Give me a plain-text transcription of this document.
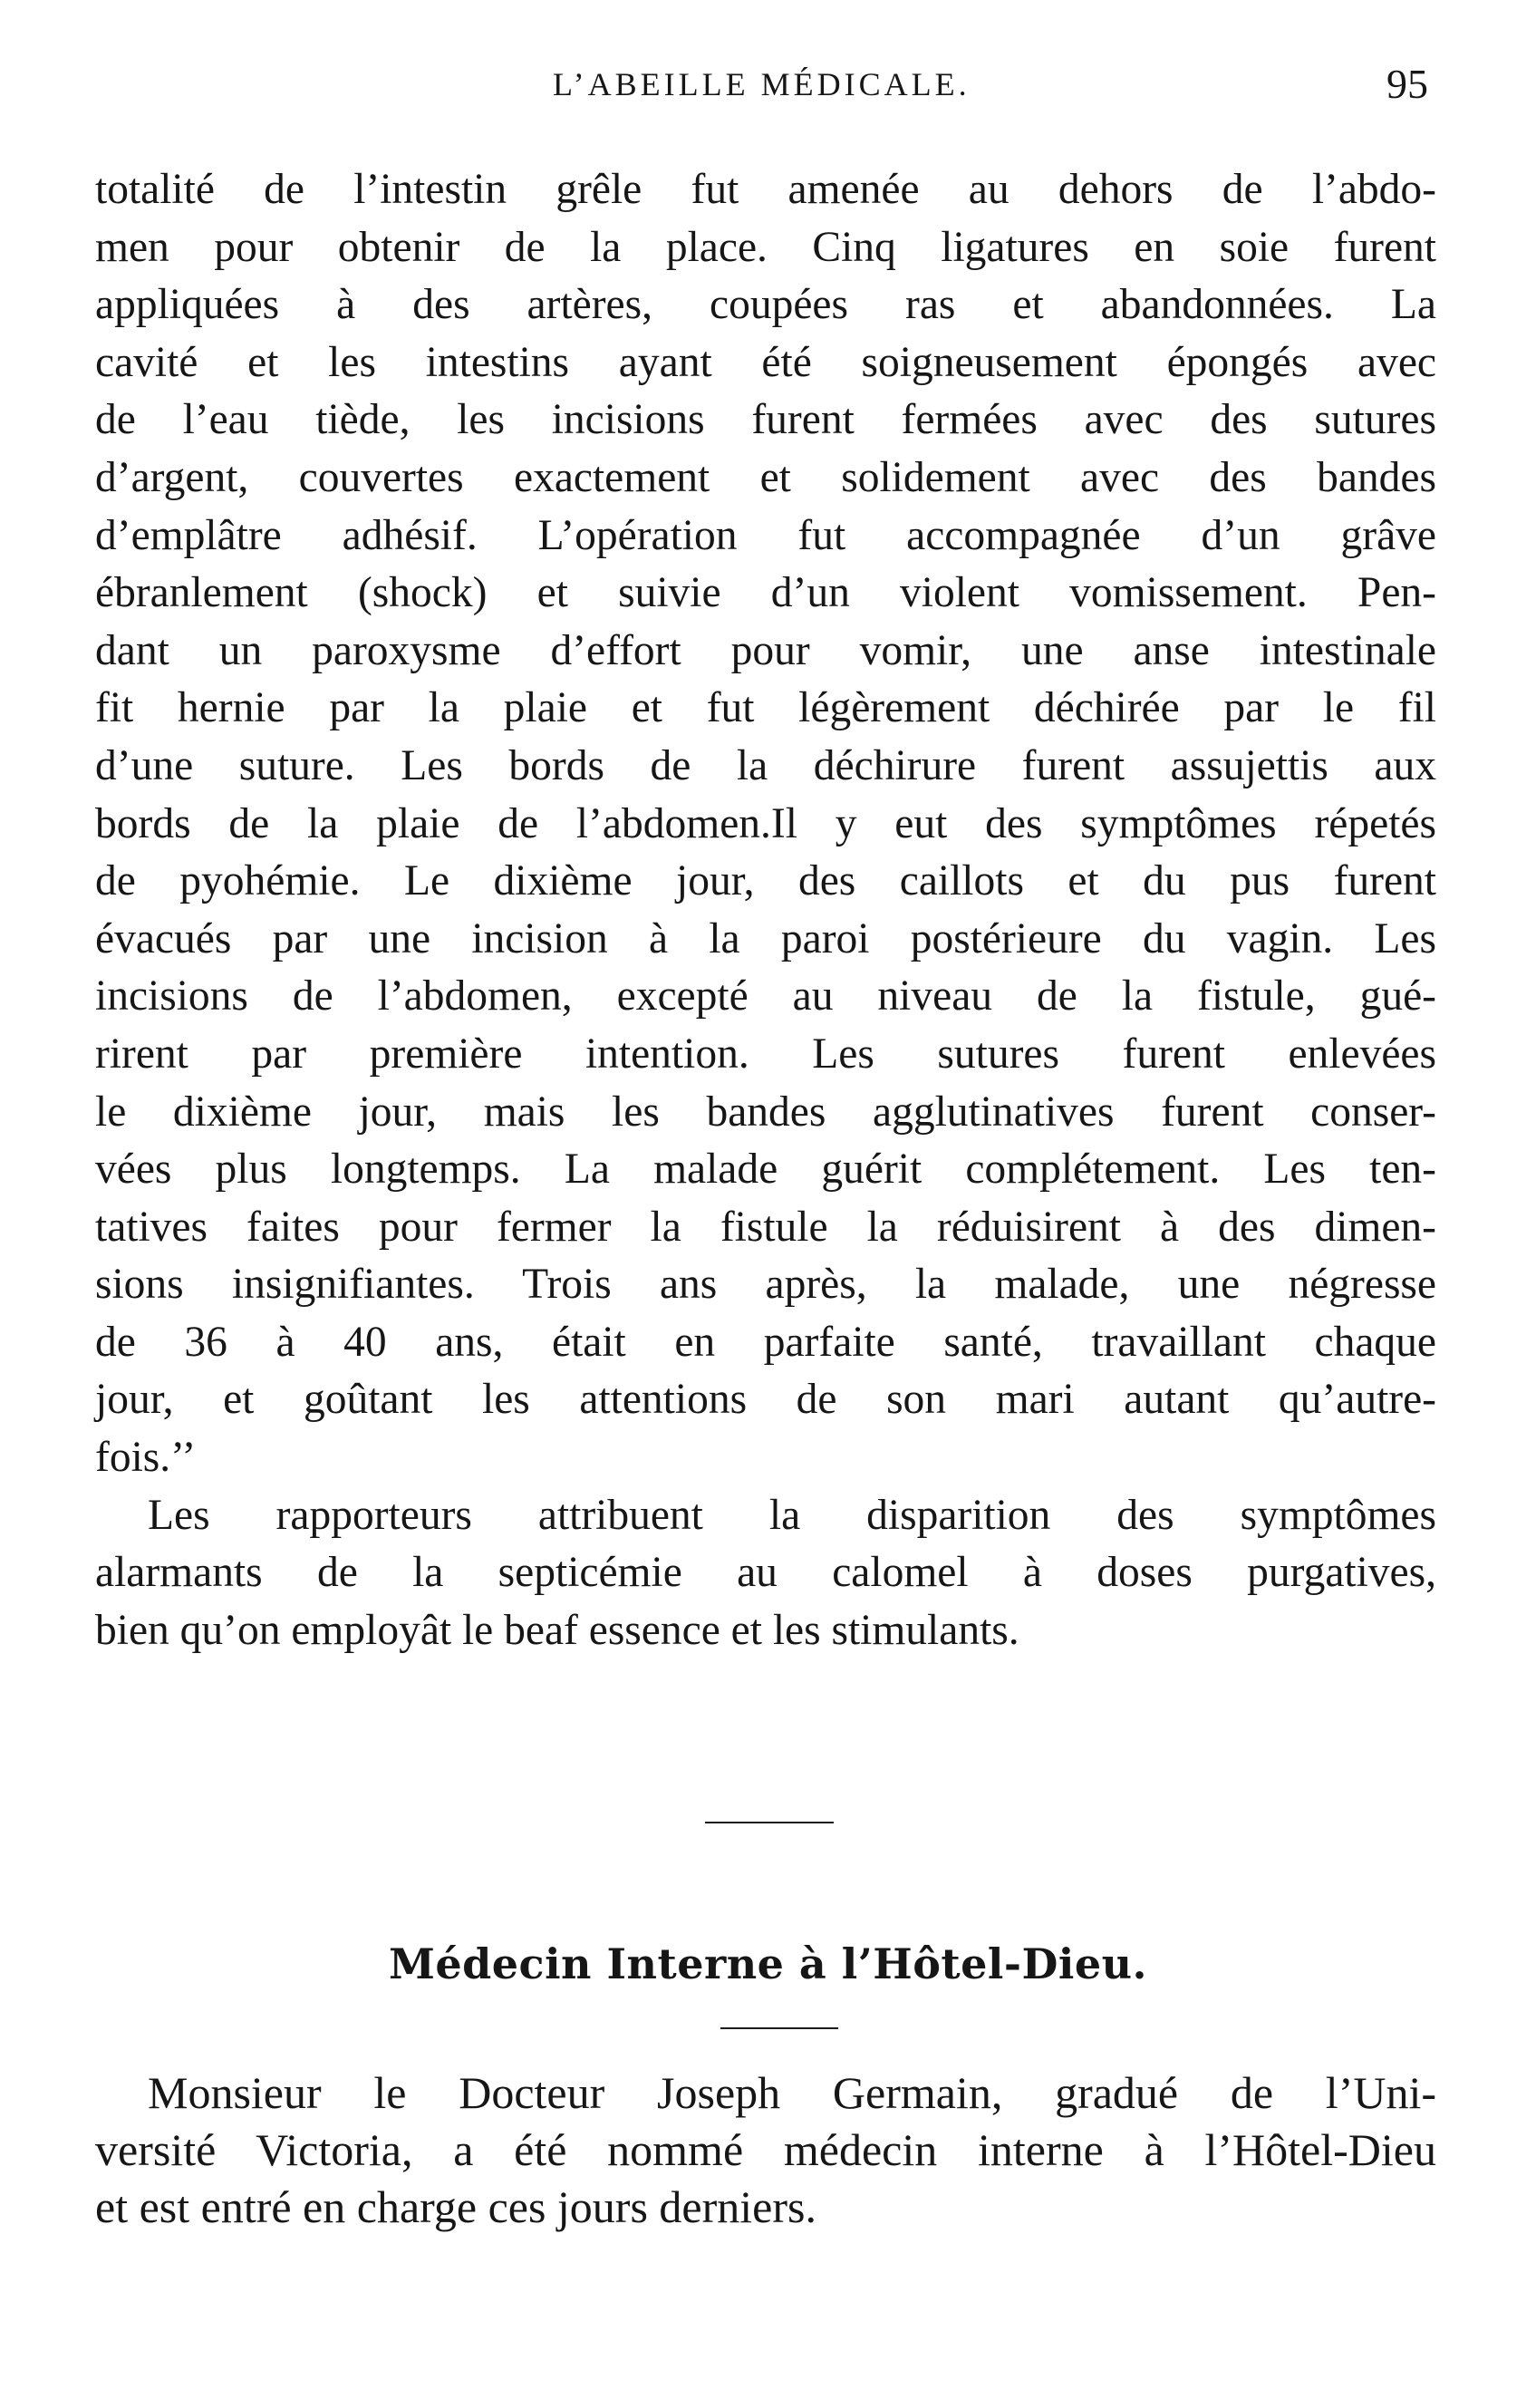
L’ABEILLE MÉDICALE.	95
totalité de l’intestin grêle fut amenée au dehors de l’abdo-
men pour obtenir de la place. Cinq ligatures en soie furent
appliquées à des artères, coupées ras et abandonnées. La
cavité et les intestins ayant été soigneusement épongés avec
de l’eau tiède, les incisions furent fermées avec des sutures
d’argent, couvertes exactement et solidement avec des bandes
d’emplâtre adhésif. L’opération fut accompagnée d’un grâve
ébranlement (shock) et suivie d’un violent vomissement. Pen-
dant un paroxysme d’effort pour vomir, une anse intestinale
fit hernie par la plaie et fut légèrement déchirée par le fil
d’une suture. Les bords de la déchirure furent assujettis aux
bords de la plaie de l’abdomen.Il y eut des symptômes répetés
de pyohémie. Le dixième jour, des caillots et du pus furent
évacués par une incision à la paroi postérieure du vagin. Les
incisions de l’abdomen, excepté au niveau de la fistule, gué-
rirent par première intention. Les sutures furent enlevées
le dixième jour, mais les bandes agglutinatives furent conser-
vées plus longtemps. La malade guérit complétement. Les ten-
tatives faites pour fermer la fistule la réduisirent à des dimen-
sions insignifiantes. Trois ans après, la malade, une négresse
de 36 à 40 ans, était en parfaite santé, travaillant chaque
jour, et goûtant les attentions de son mari autant qu’autre-
fois.’’
Les rapporteurs attribuent la disparition des symptômes
alarmants de la septicémie au calomel à doses purgatives,
bien qu’on employât le beaf essence et les stimulants.
Médecin Interne à l’Hôtel-Dieu.
Monsieur le Docteur Joseph Germain, gradué de l’Uni-
versité Victoria, a été nommé médecin interne à l’Hôtel-Dieu
et est entré en charge ces jours derniers.
